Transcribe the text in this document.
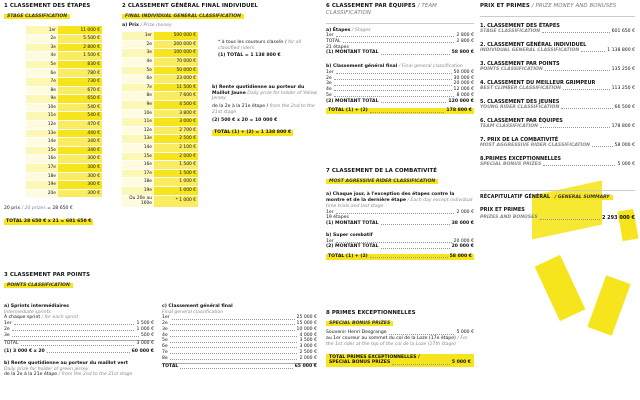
1 CLASSEMENT DES ÉTAPES
STAGE CLASSIFICATION
1er	11 000 €
2e	5 500 €
3e	2 800 €
4e	1 500 €
5e	830 €
6e	780 €
7e	730 €
8e	670 €
9e	650 €
10e	540 €
11e	540 €
12e	470 €
13e	440 €
14e	340 €
15e	340 €
16e	300 €
17e	300 €
18e	300 €
19e	300 €
20e	300 €
20 prix / 20 prizes = 28 650 €
TOTAL 28 650 € x 21 = 601 650 €
2 CLASSEMENT GÉNÉRAL FINAL INDIVIDUEL
FINAL INDIVIDUAL GENERAL CLASSIFICATION
a) Prix / Prize money
1er	500 000 €
2e	200 000 €
3e	100 000 €
4e	70 000 €
5e	50 000 €
6e	23 000 €
7e	11 500 €
8e	7 600 €
9e	4 500 €
10e	3 800 €
11e	3 000 €
12e	2 700 €
13e	2 500 €
14e	2 100 €
15e	2 000 €
16e	1 500 €
17e	1 500 €
18e	1 000 €
19e	1 000 €
Du 20e au 160e	* 1 000 €
* à tous les coureurs classés / for all classified riders
(1) TOTAL = 1 138 800 €
b) Rente quotidienne au porteur du Maillot Jaune Daily prize for holder of Yellow Jersey
de la 2e à la 21e étape / from the 2nd to the 21st stage
(2) 500 € x 20 = 10 000 €
TOTAL (1) + (2) = 1 138 800 €
3 CLASSEMENT PAR POINTS
POINTS CLASSIFICATION
a) Sprints intermédiaires
Intermediate sprints
À chaque sprint / for each sprint
1er	1 500 €
2e	1 000 €
3e	500 €
TOTAL	3 000 €
(1) 3 000 € x 20	60 000 €
b) Rente quotidienne au porteur du maillot vert
Daily prize for holder of green jersey
de la 2e à la 21e étape / from the 2nd to the 21st stage
c) Classement général final
Final general classification
1er	25 000 €
2e	15 000 €
3e	10 000 €
4e	4 000 €
5e	3 500 €
6e	3 000 €
7e	2 500 €
8e	2 000 €
TOTAL	65 000 €
6 CLASSEMENT PAR ÉQUIPES / TEAM CLASSIFICATION
a) Étapes / Stages
1er	2 800 €
TOTAL	2 800 €
21 étapes
(1) MONTANT TOTAL	58 800 €
b) Classement général final / Final general classification
1er	50 000 €
2e	30 000 €
3e	20 000 €
4e	12 000 €
5e	8 000 €
(2) MONTANT TOTAL	120 000 €
TOTAL (1) + (2)	178 800 €
7 CLASSEMENT DE LA COMBATIVITÉ
MOST AGRESSIVE RIDER CLASSIFICATION
a) Chaque jour, à l'exception des étapes contre la montre et de la dernière étape / Each day except individual time trials and last stage
1er	2 000 €
19 étapes
(1) MONTANT TOTAL	38 000 €
b) Super combatif
1er	20 000 €
(2) MONTANT TOTAL	20 000 €
TOTAL (1) + (2)	58 000 €
8 PRIMES EXCEPTIONNELLES
SPECIAL BONUS PRIZES
Souvenir Henri Desgrange	5 000 €
au 1er coureur au sommet du col de la Loze (17e étape) / For the 1st rider at the top of the col de la Loze (17th stage)
TOTAL PRIMES EXCEPTIONNELLES /
SPECIAL BONUS PRIZES	5 000 €
PRIX ET PRIMES / PRIZE MONEY AND BONUSES
1. CLASSEMENT DES ÉTAPES
STAGE CLASSIFICATION	601 650 €
2. CLASSEMENT GÉNÉRAL INDIVIDUEL
INDIVIDUAL GENERAL CLASSIFICATION	1 138 800 €
3. CLASSEMENT PAR POINTS
POINTS CLASSIFICATION	135 250 €
4. CLASSEMENT DU MEILLEUR GRIMPEUR
BEST CLIMBER CLASSIFICATION	113 250 €
5. CLASSEMENT DES JEUNES
YOUNG RIDER CLASSIFICATION	66 500 €
6. CLASSEMENT PAR ÉQUIPES
TEAM CLASSIFICATION	178 800 €
7. PRIX DE LA COMBATIVITÉ
MOST AGGRESSIVE RIDER CLASSIFICATION	58 000 €
8.PRIMES EXCEPTIONNELLES
SPECIAL BONUS PRIZES	5 000 €
RÉCAPITULATIF GÉNÉRAL / GENERAL SUMMARY
PRIX ET PRIMES
PRIZES AND BONUSES	2 293 000 €
